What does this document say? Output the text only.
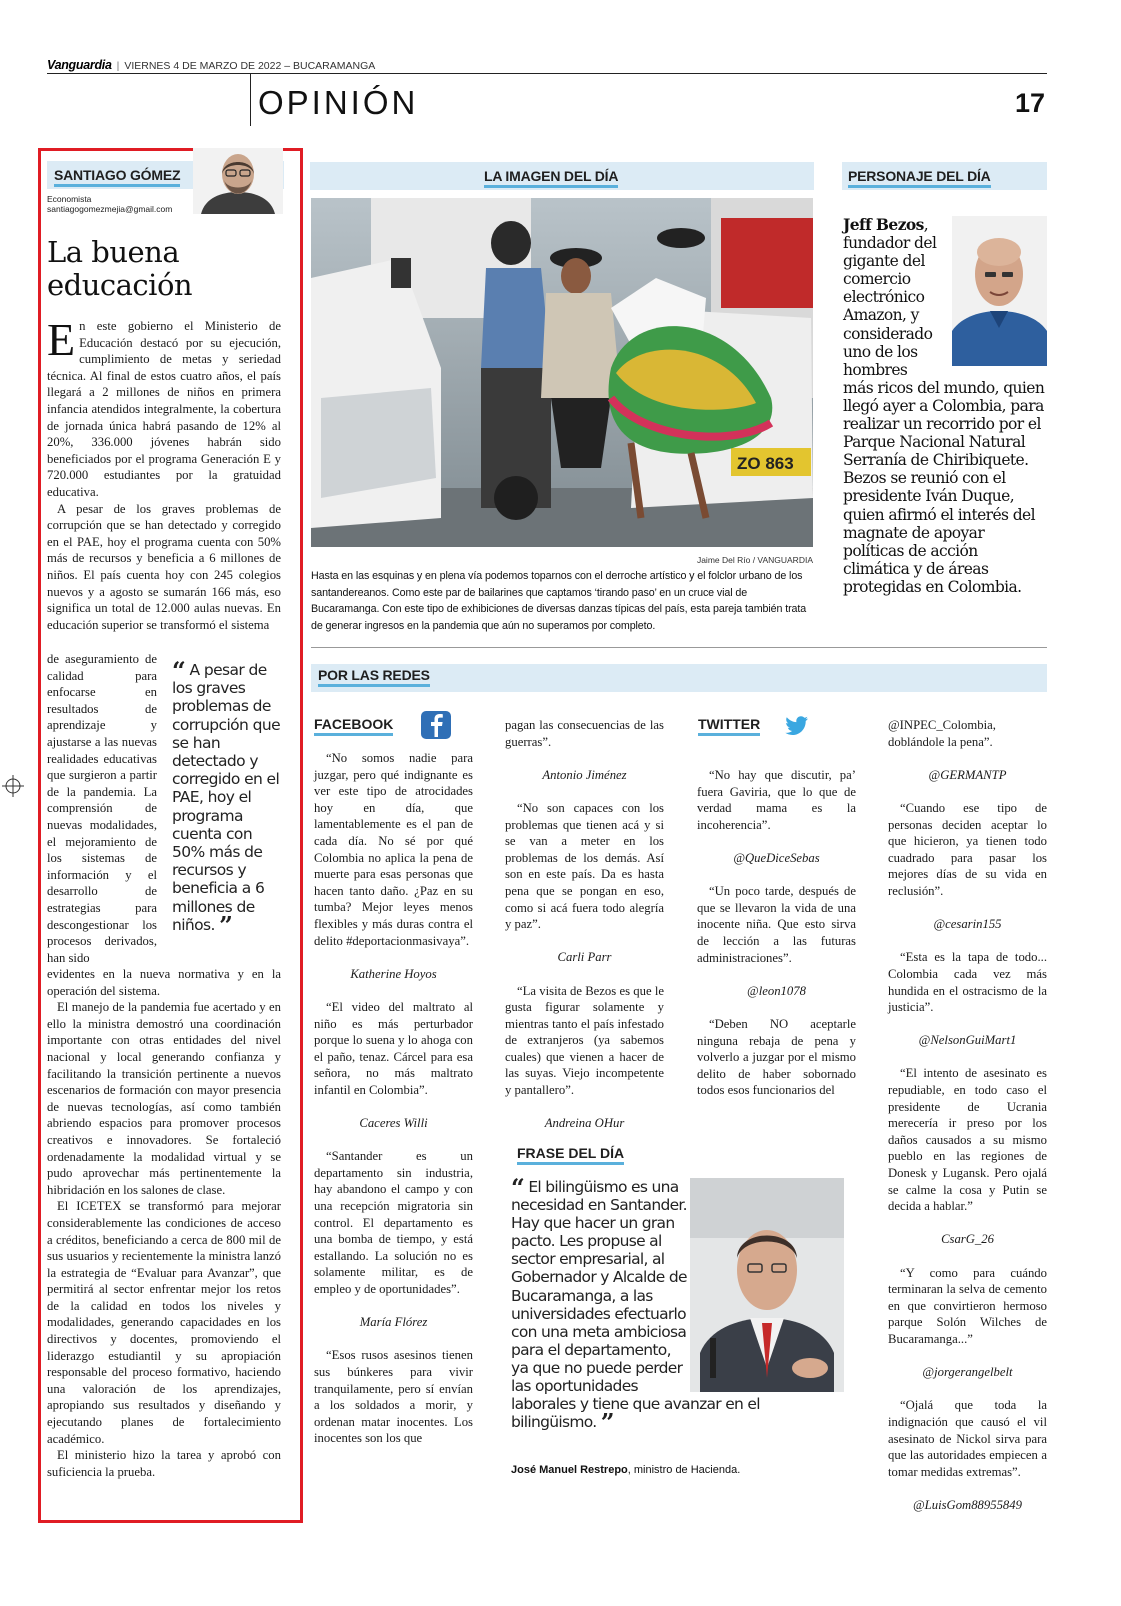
Vanguardia | VIERNES 4 DE MARZO DE 2022 – BUCARAMANGA
OPINIÓN	17
SANTIAGO GÓMEZ
Economista
santiagogomezmejia@gmail.com
La buena
educación

En este gobierno el Ministerio de Educación destacó por su ejecución, cumplimiento de metas y seriedad técnica. Al final de estos cuatro años, el país llegará a 2 millones de niños en primera infancia atendidos integralmente, la cobertura de jornada única habrá pasando de 12% al 20%, 336.000 jóvenes habrán sido beneficiados por el programa Generación E y 720.000 estudiantes por la gratuidad educativa.

A pesar de los graves problemas de corrupción que se han detectado y corregido en el PAE, hoy el programa cuenta con 50% más de recursos y beneficia a 6 millones de niños. El país cuenta hoy con 245 colegios nuevos y a agosto se sumarán 166 más, eso significa un total de 12.000 aulas nuevas. En educación superior se transformó el sistema

de aseguramiento de calidad para enfocarse en resultados de aprendizaje y ajustarse a las nuevas realidades educativas que surgieron a partir de la pandemia. La comprensión de nuevas modalidades, el mejoramiento de los sistemas de información y el desarrollo de estrategias para descongestionar los procesos derivados, han sido
“ A pesar de los graves problemas de corrupción que se han detectado y corregido en el PAE, hoy el programa cuenta con 50% más de recursos y beneficia a 6 millones de niños. ”

evidentes en la nueva normativa y en la operación del sistema.

El manejo de la pandemia fue acertado y en ello la ministra demostró una coordinación importante con otras entidades del nivel nacional y local generando confianza y facilitando la transición pertinente a nuevos escenarios de formación con mayor presencia de nuevas tecnologías, así como también abriendo espacios para promover procesos creativos e innovadores. Se fortaleció ordenadamente la modalidad virtual y se pudo aprovechar más pertinentemente la hibridación en los salones de clase.

El ICETEX se transformó para mejorar considerablemente las condiciones de acceso a créditos, beneficiando a cerca de 800 mil de sus usuarios y recientemente la ministra lanzó la estrategia de “Evaluar para Avanzar”, que permitirá al sector enfrentar mejor los retos de la calidad en todos los niveles y modalidades, generando capacidades en los directivos y docentes, promoviendo el liderazgo estudiantil y su apropiación responsable del proceso formativo, haciendo una valoración de los aprendizajes, apropiando sus resultados y diseñando y ejecutando planes de fortalecimiento académico.

El ministerio hizo la tarea y aprobó con suficiencia la prueba.

LA IMAGEN DEL DÍA
ZO 863
Jaime Del Río / VANGUARDIA
Hasta en las esquinas y en plena vía podemos toparnos con el derroche artístico y el folclor urbano de los santandereanos. Como este par de bailarines que captamos ‘tirando paso’ en un cruce vial de Bucaramanga. Con este tipo de exhibiciones de diversas danzas típicas del país, esta pareja también trata de generar ingresos en la pandemia que aún no superamos por completo.
PERSONAJE DEL DÍA
Jeff Bezos, fundador del gigante del comercio electrónico Amazon, y considerado uno de los hombres más ricos del mundo, quien llegó ayer a Colombia, para realizar un recorrido por el Parque Nacional Natural Serranía de Chiribiquete. Bezos se reunió con el presidente Iván Duque, quien afirmó el interés del magnate de apoyar políticas de acción climática y de áreas protegidas en Colombia.
POR LAS REDES
FACEBOOK	TWITTER
“No somos nadie para juzgar, pero qué indignante es ver este tipo de atrocidades hoy en día, que lamentablemente es el pan de cada día. No sé por qué Colombia no aplica la pena de muerte para esas personas que hacen tanto daño. ¿Paz en su tumba? Mejor leyes menos flexibles y más duras contra el delito #deportacionmasivaya”.
Katherine Hoyos
“El video del maltrato al niño es más perturbador porque lo suena y lo ahoga con el paño, tenaz. Cárcel para esa señora, no más maltrato infantil en Colombia”.
Caceres Willi
“Santander es un departamento sin industria, hay abandono el campo y con una recepción migratoria sin control. El departamento es una bomba de tiempo, y está estallando. La solución no es solamente militar, es de empleo y de oportunidades”.
María Flórez
“Esos rusos asesinos tienen sus búnkeres para vivir tranquilamente, pero sí envían a los soldados a morir, y ordenan matar inocentes. Los inocentes son los que
pagan las consecuencias de las guerras”.
Antonio Jiménez
“No son capaces con los problemas que tienen acá y si se van a meter en los problemas de los demás. Así son en este país. Da es hasta pena que se pongan en eso, como si acá fuera todo alegría y paz”.
Carli Parr
“La visita de Bezos es que le gusta figurar solamente y mientras tanto el país infestado de extranjeros (ya sabemos cuales) que vienen a hacer de las suyas. Viejo incompetente y pantallero”.
Andreina OHur
“No hay que discutir, pa’ fuera Gaviria, que lo que de verdad mama es la incoherencia”.
@QueDiceSebas
“Un poco tarde, después de que se llevaron la vida de una inocente niña. Que esto sirva de lección a las futuras administraciones”.
@leon1078
“Deben NO aceptarle ninguna rebaja de pena y volverlo a juzgar por el mismo delito de haber sobornado todos esos funcionarios del
@INPEC_Colombia, doblándole la pena”.
@GERMANTP
“Cuando ese tipo de personas deciden aceptar lo que hicieron, ya tienen todo cuadrado para pasar los mejores días de su vida en reclusión”.
@cesarin155
“Esta es la tapa de todo... Colombia cada vez más hundida en el ostracismo de la justicia”.
@NelsonGuiMart1
“El intento de asesinato es repudiable, en todo caso el presidente de Ucrania merecería ir preso por los daños causados a su mismo pueblo en las regiones de Donesk y Lugansk. Pero ojalá se calme la cosa y Putin se decida a hablar.”
CsarG_26
“Y como para cuándo terminaran la selva de cemento en que convirtieron hermoso parque Solón Wilches de Bucaramanga...”
@jorgerangelbelt
“Ojalá que toda la indignación que causó el vil asesinato de Nickol sirva para que las autoridades empiecen a tomar medidas extremas”.
@LuisGom88955849
FRASE DEL DÍA
“ El bilingüismo es una necesidad en Santander. Hay que hacer un gran pacto. Les propuse al sector empresarial, al Gobernador y Alcalde de Bucaramanga, a las universidades efectuarlo con una meta ambiciosa para el departamento, ya que no puede perder las oportunidades laborales y tiene que avanzar en el bilingüismo. ”
José Manuel Restrepo, ministro de Hacienda.
